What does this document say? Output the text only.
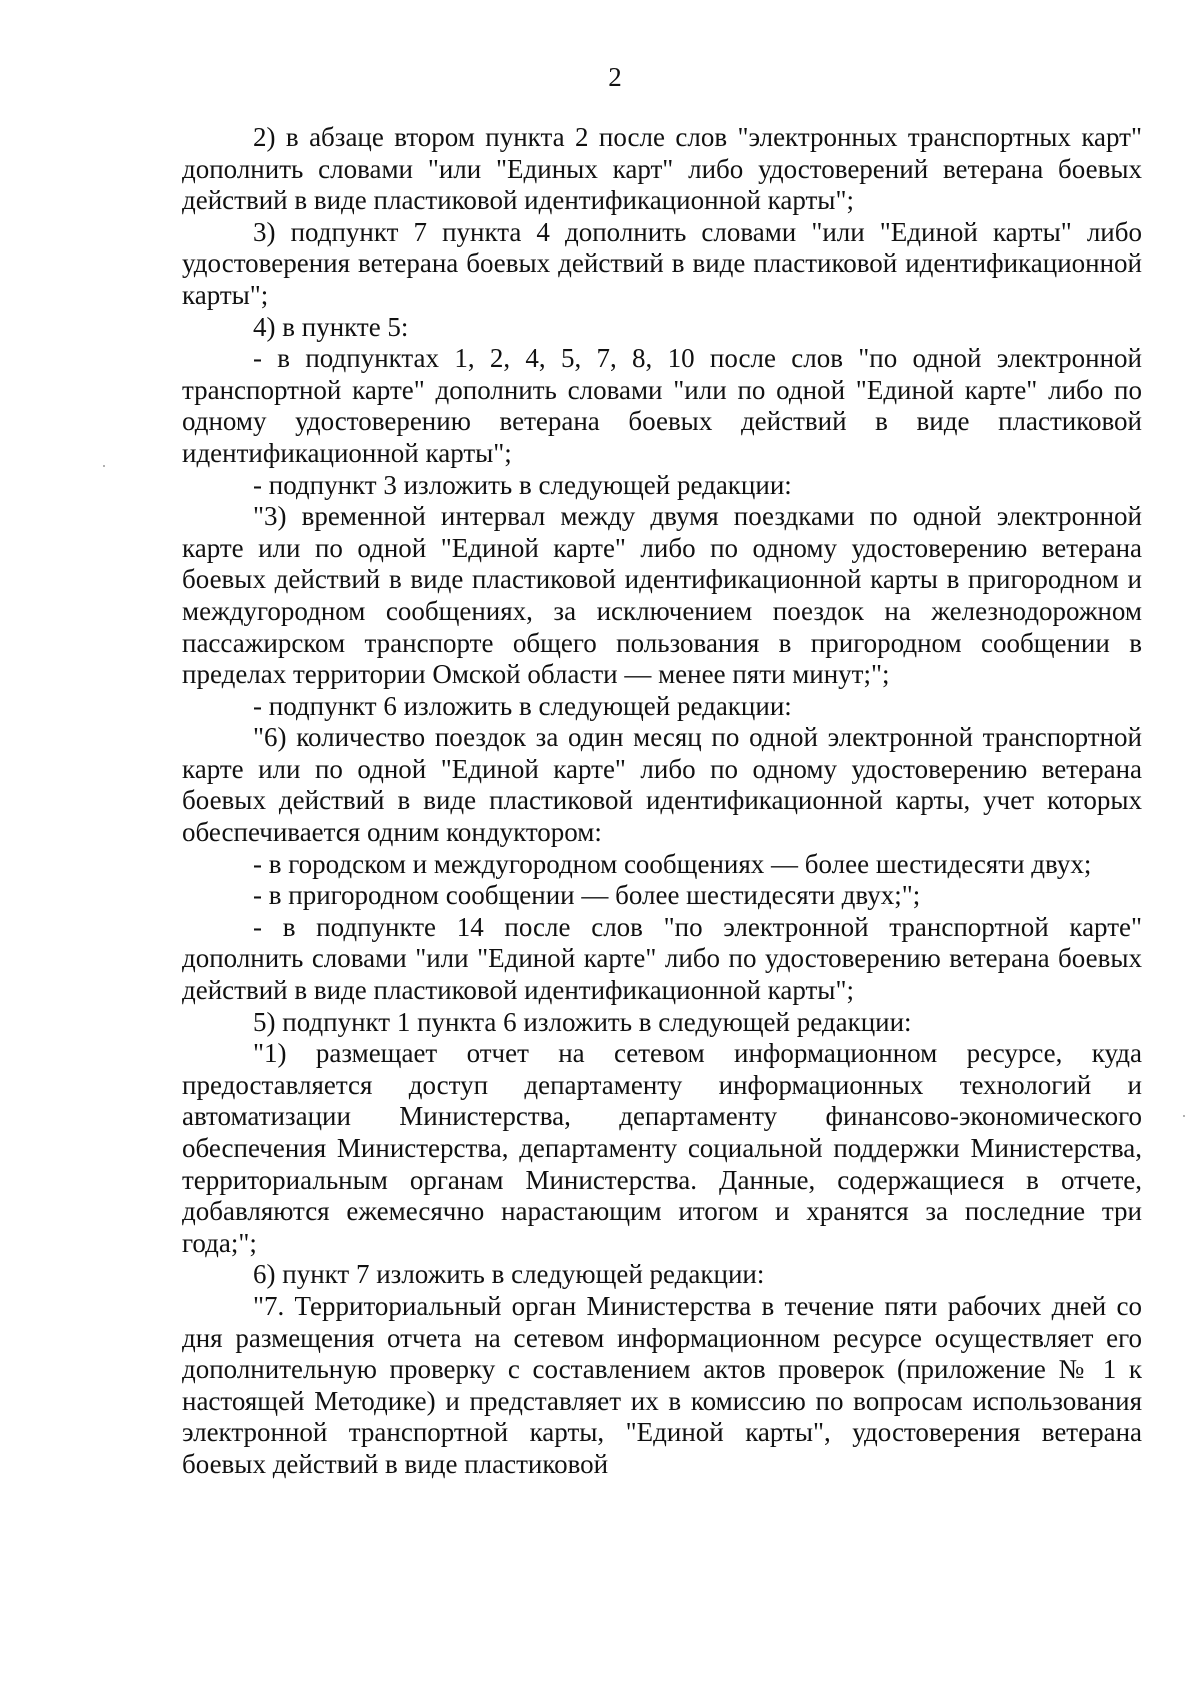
2

2) в абзаце втором пункта 2 после слов "электронных транспортных карт" дополнить словами "или "Единых карт" либо удостоверений ветерана боевых действий в виде пластиковой идентификационной карты";

3) подпункт 7 пункта 4 дополнить словами "или "Единой карты" либо удостоверения ветерана боевых действий в виде пластиковой идентификационной карты";

4) в пункте 5:

- в подпунктах 1, 2, 4, 5, 7, 8, 10 после слов "по одной электронной транспортной карте" дополнить словами "или по одной "Единой карте" либо по одному удостоверению ветерана боевых действий в виде пластиковой идентификационной карты";

- подпункт 3 изложить в следующей редакции:

"3) временной интервал между двумя поездками по одной электронной карте или по одной "Единой карте" либо по одному удостоверению ветерана боевых действий в виде пластиковой идентификационной карты в пригородном и междугородном сообщениях, за исключением поездок на железнодорожном пассажирском транспорте общего пользования в пригородном сообщении в пределах территории Омской области — менее пяти минут;";

- подпункт 6 изложить в следующей редакции:

"6) количество поездок за один месяц по одной электронной транспортной карте или по одной "Единой карте" либо по одному удостоверению ветерана боевых действий в виде пластиковой идентификационной карты, учет которых обеспечивается одним кондуктором:

- в городском и междугородном сообщениях — более шестидесяти двух;

- в пригородном сообщении — более шестидесяти двух;";

- в подпункте 14 после слов "по электронной транспортной карте" дополнить словами "или "Единой карте" либо по удостоверению ветерана боевых действий в виде пластиковой идентификационной карты";

5) подпункт 1 пункта 6 изложить в следующей редакции:

"1) размещает отчет на сетевом информационном ресурсе, куда предоставляется доступ департаменту информационных технологий и автоматизации Министерства, департаменту финансово-экономического обеспечения Министерства, департаменту социальной поддержки Министерства, территориальным органам Министерства. Данные, содержащиеся в отчете, добавляются ежемесячно нарастающим итогом и хранятся за последние три года;";

6) пункт 7 изложить в следующей редакции:

"7. Территориальный орган Министерства в течение пяти рабочих дней со дня размещения отчета на сетевом информационном ресурсе осуществляет его дополнительную проверку с составлением актов проверок (приложение № 1 к настоящей Методике) и представляет их в комиссию по вопросам использования электронной транспортной карты, "Единой карты", удостоверения ветерана боевых действий в виде пластиковой
